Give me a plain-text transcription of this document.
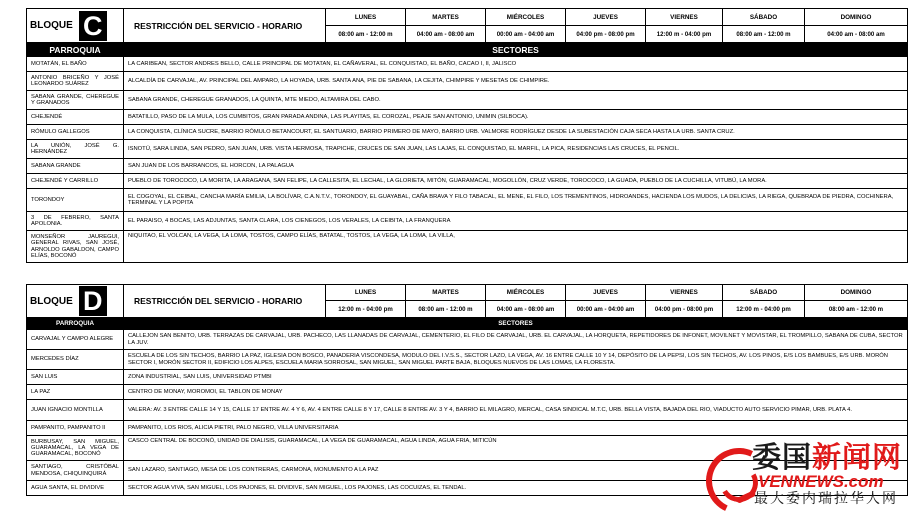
BLOQUE C	RESTRICCIÓN DEL SERVICIO - HORARIO	LUNES	MARTES	MIÉRCOLES	JUEVES	VIERNES	SÁBADO	DOMINGO
		08:00 am - 12:00 m	04:00 am - 08:00 am	00:00 am - 04:00 am	04:00 pm - 08:00 pm	12:00 m - 04:00 pm	08:00 am - 12:00 m	04:00 am - 08:00 am
PARROQUIA	SECTORES							
MOTATÁN, EL BAÑO	LA CARIBEAN, SECTOR ANDRES BELLO, CALLE PRINCIPAL DE MOTATAN, EL CAÑAVERAL, EL CONQUISTAO, EL BAÑO, CACAO I, II, JALISCO							
ANTONIO BRICEÑO Y JOSÉ LEONARDO SUÁREZ	ALCALDÍA DE CARVAJAL, AV. PRINCIPAL DEL AMPARO, LA HOYADA, URB. SANTA ANA, PIE DE SABANA, LA CEJITA, CHIMPIRE Y MESETAS DE CHIMPIRE.							
SABANA GRANDE, CHEREGUE Y GRANADOS	SABANA GRANDE, CHEREGUE GRANADOS, LA QUINTA, MTE MIEDO, ALTAMIRA DEL CABO.							
CHEJENDÉ	BATATILLO, PASO DE LA MULA, LOS CUMBITOS, GRAN PARADA ANDINA, LAS PLAYITAS, EL COROZAL, PEAJE SAN ANTONIO, UNIMIN (SILBOCA).							
RÓMULO GALLEGOS	LA CONQUISTA, CLÍNICA SUCRE, BARRIO RÓMULO BETANCOURT, EL SANTUARIO, BARRIO PRIMERO DE MAYO, BARRIO URB. VALMORE RODRÍGUEZ DESDE LA SUBESTACIÓN CAJA SECA HASTA LA URB. SANTA CRUZ.							
LA UNIÓN, JOSÉ G. HERNÁNDEZ	ISNOTÚ, SARA LINDA, SAN PEDRO, SAN JUAN, URB. VISTA HERMOSA, TRAPICHE, CRUCES DE SAN JUAN, LAS LAJAS, EL CONQUISTAO, EL MARFIL, LA PICA, RESIDENCIAS LAS CRUCES, EL PENCIL.							
SABANA GRANDE	SAN JUAN DE LOS BARRANCOS, EL HORCON, LA PALAGUA							
CHEJENDÉ Y CARRILLO	PUEBLO DE TOROCOCO, LA MORITA, LA ARAGANA, SAN FELIPE, LA CALLESITA, EL LECHAL, LA GLORIETA, MITÓN, GUARAMACAL, MOGOLLÓN, CRUZ VERDE, TOROCOCO, LA GUADA, PUEBLO DE LA CUCHILLA, VITUBÚ, LA MORA.							
TORONDOY	EL COGOYAL, EL CEIBAL, CANCHA MARÍA EMILIA, LA BOLÍVAR, C.A.N.T.V., TORONDOY, EL GUAYABAL, CAÑA BRAVA Y FILO TABACAL, EL MENE, EL FILO, LOS TREMENTINOS, HIDROANDES, HACIENDA LOS MUDOS, LA DELICIAS, LA RIEGA, QUEBRADA DE PIEDRA, COCHINERA, TERMINAL Y LA POPITA							
3 DE FEBRERO, SANTA APOLONIA.	EL PARAISO, 4 BOCAS, LAS ADJUNTAS, SANTA CLARA, LOS CIENEGOS, LOS VERALES, LA CEIBITA, LA FRANQUERA							
MONSEÑOR JAUREGUI, GENERAL RIVAS, SAN JOSÉ, ARNOLDO GABALDON, CAMPO ELÍAS, BOCONÓ	NIQUITAO, EL VOLCAN, LA VEGA, LA LOMA, TOSTOS, CAMPO ELÍAS, BATATAL, TOSTOS, LA VEGA, LA LOMA, LA VILLA,							
BLOQUE D	RESTRICCIÓN DEL SERVICIO - HORARIO	LUNES	MARTES	MIÉRCOLES	JUEVES	VIERNES	SÁBADO	DOMINGO
		12:00 m - 04:00 pm	08:00 am - 12:00 m	04:00 am - 08:00 am	00:00 am - 04:00 am	04:00 pm - 08:00 pm	12:00 m - 04:00 pm	08:00 am - 12:00 m
PARROQUIA	SECTORES							
CARVAJAL Y CAMPO ALEGRE	CALLEJON SAN BENITO, URB. TERRAZAS DE CARVAJAL, URB. PACHECO, LAS LLANADAS DE CARVAJAL, CEMENTERIO, EL FILO DE CARVAJAL, URB. EL CARVAJAL, LA HORQUETA, REPETIDORES DE INFONET, MOVILNET Y MOVISTAR, EL TROMPILLO, SABANA DE CUBA, SECTOR LA JUV.							
MERCEDES DÍAZ	ESCUELA DE LOS SIN TECHOS, BARRIO LA PAZ, IGLESIA DON BOSCO, PANADERIA VISCONDESA, MODULO DEL I.V.S.S., SECTOR LAZO, LA VEGA, AV. 16 ENTRE CALLE 10 Y 14, DEPÓSITO DE LA PEPSI, LOS SIN TECHOS, AV. LOS PINOS, E/S LOS BAMBUES, E/S URB. MORÓN SECTOR I, MORÓN SECTOR II, EDIFICIO LOS ALPES, ESCUELA MARIA SORROSAL, SAN MIGUEL, SAN MIGUEL PARTE BAJA, BLOQUES NUEVOS DE LAS LOMAS, LA FLORESTA.							
SAN LUIS	ZONA INDUSTRIAL, SAN LUIS, UNIVERSIDAD PTMBI							
LA PAZ	CENTRO DE MONAY, MOROMOI, EL TABLON DE MONAY							
JUAN IGNACIO MONTILLA	VALERA: AV. 3 ENTRE CALLE 14 Y 15, CALLE 17 ENTRE AV. 4 Y 6, AV. 4 ENTRE CALLE 8 Y 17, CALLE 8 ENTRE AV. 3 Y 4, BARRIO EL MILAGRO, MERCAL, CASA SINDICAL M.T.C, URB. BELLA VISTA, BAJADA DEL RIO, VIADUCTO AUTO SERVICIO PIMAR, URB. PLATA 4.							
PAMPANITO, PAMPANITO II	PAMPANITO, LOS RIOS, ALICIA PIETRI, PALO NEGRO, VILLA UNIVERSITARIA							
BURBUSAY, SAN MIGUEL, GUARAMACAL, LA VEGA DE GUARAMACAL, BOCONÓ	CASCO CENTRAL DE BOCONÓ, UNIDAD DE DIALISIS, GUARAMACAL, LA VEGA DE GUARAMACAL, AGUA LINDA, AGUA FRIA, MITICÚN							
SANTIAGO, CRISTÓBAL MENDOSA, CHIQUINQUIRÁ	SAN LAZARO, SANTIAGO, MESA DE LOS CONTRERAS, CARMONA, MONUMENTO A LA PAZ							
AGUA SANTA, EL DIVIDIVE	SECTOR AGUA VIVA, SAN MIGUEL, LOS PAJONES, EL DIVIDIVE, SAN MIGUEL, LOS PAJONES, LAS COCUIZAS, EL TENDAL.							
委国新闻网
VENNEWS.com
最大委内瑞拉华人网
